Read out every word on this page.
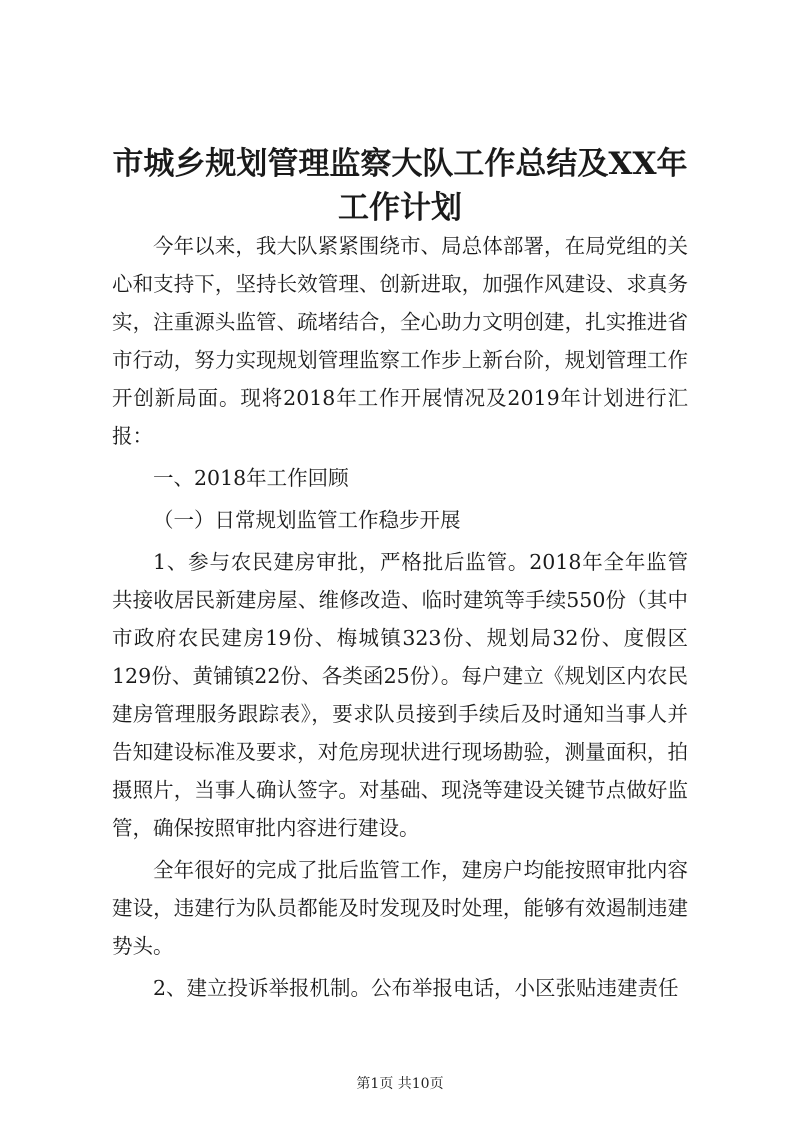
市城乡规划管理监察大队工作总结及XX年工作计划

今年以来，我大队紧紧围绕市、局总体部署，在局党组的关心和支持下，坚持长效管理、创新进取，加强作风建设、求真务实，注重源头监管、疏堵结合，全心助力文明创建，扎实推进省市行动，努力实现规划管理监察工作步上新台阶，规划管理工作开创新局面。现将2018年工作开展情况及2019年计划进行汇报：

一、2018年工作回顾

（一）日常规划监管工作稳步开展

1、参与农民建房审批，严格批后监管。2018年全年监管共接收居民新建房屋、维修改造、临时建筑等手续550份（其中市政府农民建房19份、梅城镇323份、规划局32份、度假区129份、黄铺镇22份、各类函25份）。每户建立《规划区内农民建房管理服务跟踪表》，要求队员接到手续后及时通知当事人并告知建设标准及要求，对危房现状进行现场勘验，测量面积，拍摄照片，当事人确认签字。对基础、现浇等建设关键节点做好监管，确保按照审批内容进行建设。

全年很好的完成了批后监管工作，建房户均能按照审批内容建设，违建行为队员都能及时发现及时处理，能够有效遏制违建势头。

2、建立投诉举报机制。公布举报电话，小区张贴违建责任

第1页 共10页
